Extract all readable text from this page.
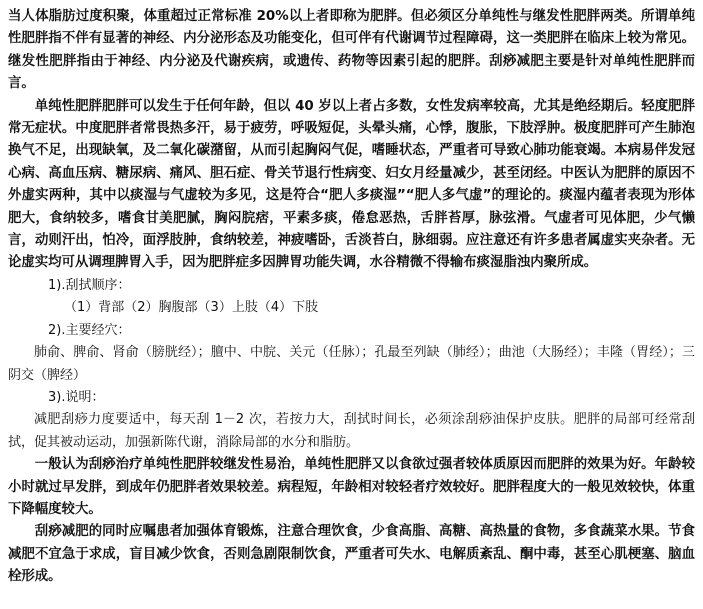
当人体脂肪过度积聚，体重超过正常标准 20%以上者即称为肥胖。但必须区分单纯性与继发性肥胖两类。所谓单纯性肥胖指不伴有显著的神经、内分泌形态及功能变化，但可伴有代谢调节过程障碍，这一类肥胖在临床上较为常见。继发性肥胖指由于神经、内分泌及代谢疾病，或遗传、药物等因素引起的肥胖。刮痧减肥主要是针对单纯性肥胖而言。

单纯性肥胖肥胖可以发生于任何年龄，但以 40 岁以上者占多数，女性发病率较高，尤其是绝经期后。轻度肥胖常无症状。中度肥胖者常畏热多汗，易于疲劳，呼吸短促，头晕头痛，心悸，腹胀，下肢浮肿。极度肥胖可产生肺泡换气不足，出现缺氧，及二氧化碳潴留，从而引起胸闷气促，嗜睡状态，严重者可导致心肺功能衰竭。本病易伴发冠心病、高血压病、糖尿病、痛风、胆石症、骨关节退行性病变、妇女月经量减少，甚至闭经。中医认为肥胖的原因不外虚实两种，其中以痰湿与气虚较为多见，这是符合“肥人多痰湿”“肥人多气虚”的理论的。痰湿内蕴者表现为形体肥大，食纳较多，嗜食甘美肥腻，胸闷脘痞，平素多痰，倦怠恶热，舌胖苔厚，脉弦滑。气虚者可见体肥，少气懒言，动则汗出，怕冷，面浮肢肿，食纳较差，神疲嗜卧，舌淡苔白，脉细弱。应注意还有许多患者属虚实夹杂者。无论虚实均可从调理脾胃入手，因为肥胖症多因脾胃功能失调，水谷精微不得输布痰湿脂浊内聚所成。

1).刮拭顺序：

（1）背部（2）胸腹部（3）上肢（4）下肢

2).主要经穴：

肺俞、脾俞、肾俞（膀胱经）；膻中、中脘、关元（任脉）；孔最至列缺（肺经）；曲池（大肠经）；丰隆（胃经）；三阴交（脾经）

3).说明：

减肥刮痧力度要适中，每天刮 1－2 次，若按力大，刮拭时间长，必须涂刮痧油保护皮肤。肥胖的局部可经常刮拭，促其被动运动，加强新陈代谢，消除局部的水分和脂肪。

一般认为刮痧治疗单纯性肥胖较继发性易治，单纯性肥胖又以食欲过强者较体质原因而肥胖的效果为好。年龄较小时就过早发胖，到成年仍肥胖者效果较差。病程短，年龄相对较轻者疗效较好。肥胖程度大的一般见效较快，体重下降幅度较大。

刮痧减肥的同时应嘱患者加强体育锻炼，注意合理饮食，少食高脂、高糖、高热量的食物，多食蔬菜水果。节食减肥不宜急于求成，盲目减少饮食，否则急剧限制饮食，严重者可失水、电解质紊乱、酮中毒，甚至心肌梗塞、脑血栓形成。
